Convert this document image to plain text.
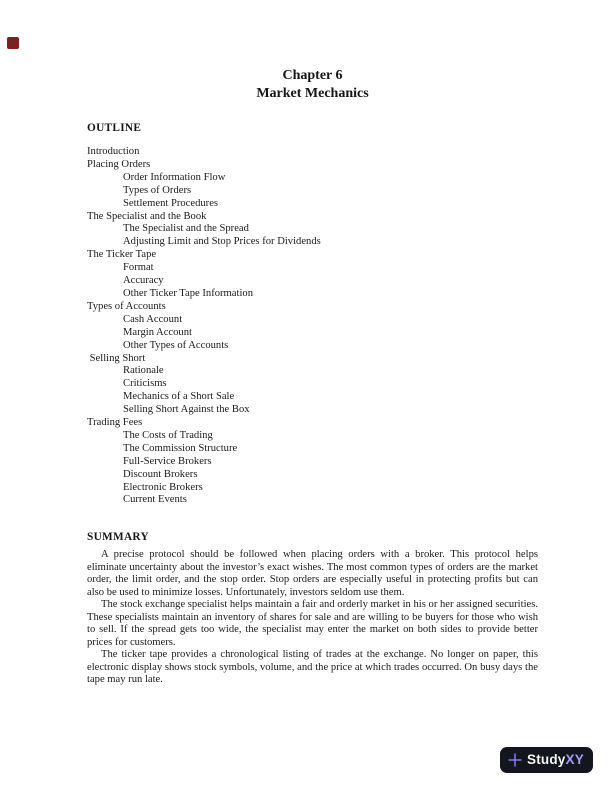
Chapter 6
Market Mechanics
OUTLINE
Introduction
Placing Orders
Order Information Flow
Types of Orders
Settlement Procedures
The Specialist and the Book
The Specialist and the Spread
Adjusting Limit and Stop Prices for Dividends
The Ticker Tape
Format
Accuracy
Other Ticker Tape Information
Types of Accounts
Cash Account
Margin Account
Other Types of Accounts
Selling Short
Rationale
Criticisms
Mechanics of a Short Sale
Selling Short Against the Box
Trading Fees
The Costs of Trading
The Commission Structure
Full-Service Brokers
Discount Brokers
Electronic Brokers
Current Events
SUMMARY

A precise protocol should be followed when placing orders with a broker. This protocol helps eliminate uncertainty about the investor’s exact wishes. The most common types of orders are the market order, the limit order, and the stop order. Stop orders are especially useful in protecting profits but can also be used to minimize losses. Unfortunately, investors seldom use them.

The stock exchange specialist helps maintain a fair and orderly market in his or her assigned securities. These specialists maintain an inventory of shares for sale and are willing to be buyers for those who wish to sell. If the spread gets too wide, the specialist may enter the market on both sides to provide better prices for customers.

The ticker tape provides a chronological listing of trades at the exchange. No longer on paper, this electronic display shows stock symbols, volume, and the price at which trades occurred. On busy days the tape may run late.

StudyXY
